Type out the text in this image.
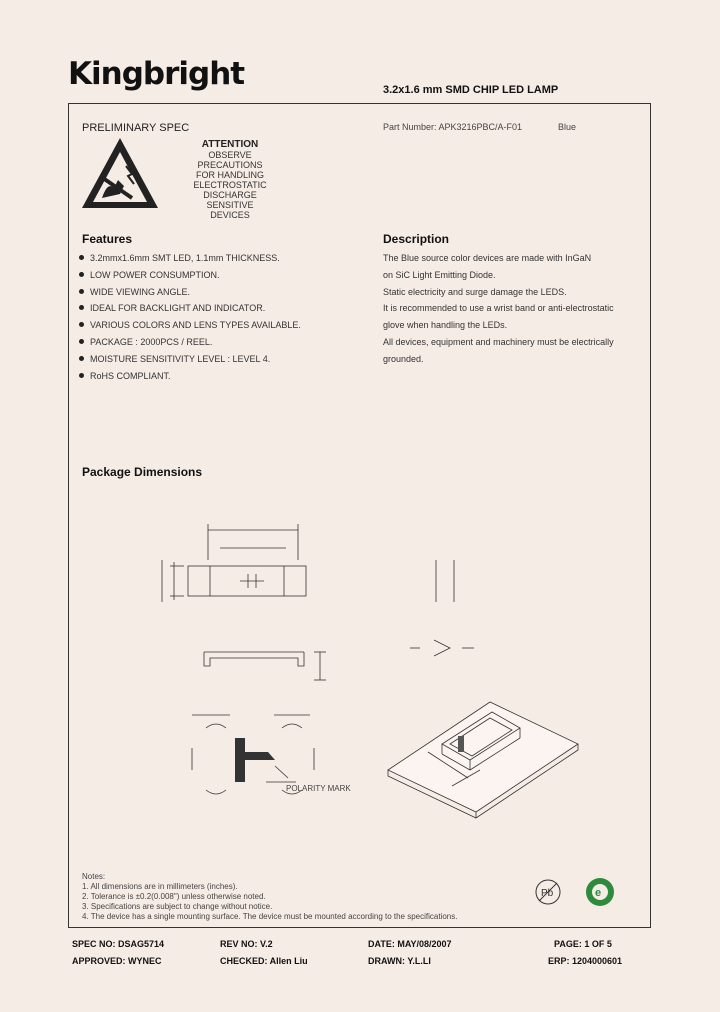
Kingbright	3.2x1.6 mm SMD CHIP LED LAMP
PRELIMINARY SPEC
ATTENTION
OBSERVE PRECAUTIONS
FOR HANDLING
ELECTROSTATIC
DISCHARGE
SENSITIVE
DEVICES
Part Number: APK3216PBC/A-F01	Blue
Features
3.2mmx1.6mm SMT LED, 1.1mm THICKNESS.
LOW POWER CONSUMPTION.
WIDE VIEWING ANGLE.
IDEAL FOR BACKLIGHT AND INDICATOR.
VARIOUS COLORS AND LENS TYPES AVAILABLE.
PACKAGE : 2000PCS / REEL.
MOISTURE SENSITIVITY LEVEL : LEVEL 4.
RoHS COMPLIANT.
Description
The Blue source color devices are made with InGaN
on SiC Light Emitting Diode.
Static electricity and surge damage the LEDS.
It is recommended to use a wrist band or anti-electrostatic
glove when handling the LEDs.
All devices, equipment and machinery must be electrically
grounded.
Package Dimensions
POLARITY MARK
Notes:
1. All dimensions are in millimeters (inches).
2. Tolerance is ±0.2(0.008") unless otherwise noted.
3. Specifications are subject to change without notice.
4. The device has a single mounting surface. The device must be mounted according to the specifications.
Pb	e
SPEC NO: DSAG5714	REV NO: V.2	DATE: MAY/08/2007	PAGE: 1 OF 5
APPROVED: WYNEC	CHECKED: Allen Liu	DRAWN: Y.L.LI	ERP: 1204000601
